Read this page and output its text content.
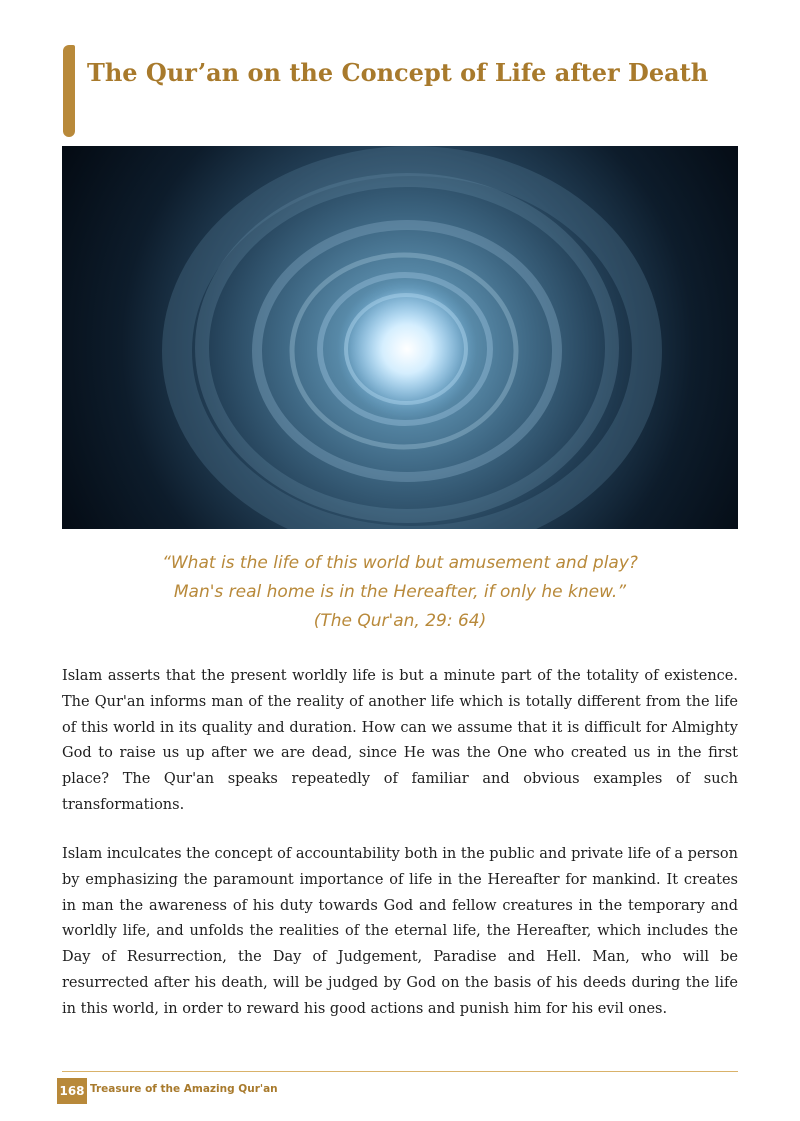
The Qur’an on the Concept of Life after Death
“What is the life of this world but amusement and play?
Man's real home is in the Hereafter, if only he knew.”
(The Qur'an, 29: 64)

Islam asserts that the present worldly life is but a minute part of the totality of existence. The Qur'an informs man of the reality of another life which is totally different from the life of this world in its quality and duration. How can we assume that it is difficult for Almighty God to raise us up after we are dead, since He was the One who created us in the first place? The Qur'an speaks repeatedly of familiar and obvious examples of such transformations.

Islam inculcates the concept of accountability both in the public and private life of a person by emphasizing the paramount importance of life in the Hereafter for mankind. It creates in man the awareness of his duty towards God and fellow creatures in the temporary and worldly life, and unfolds the realities of the eternal life, the Hereafter, which includes the Day of Resurrection, the Day of Judgement, Paradise and Hell. Man, who will be resurrected after his death, will be judged by God on the basis of his deeds during the life in this world, in order to reward his good actions and punish him for his evil ones.

168 Treasure of the Amazing Qur'an
